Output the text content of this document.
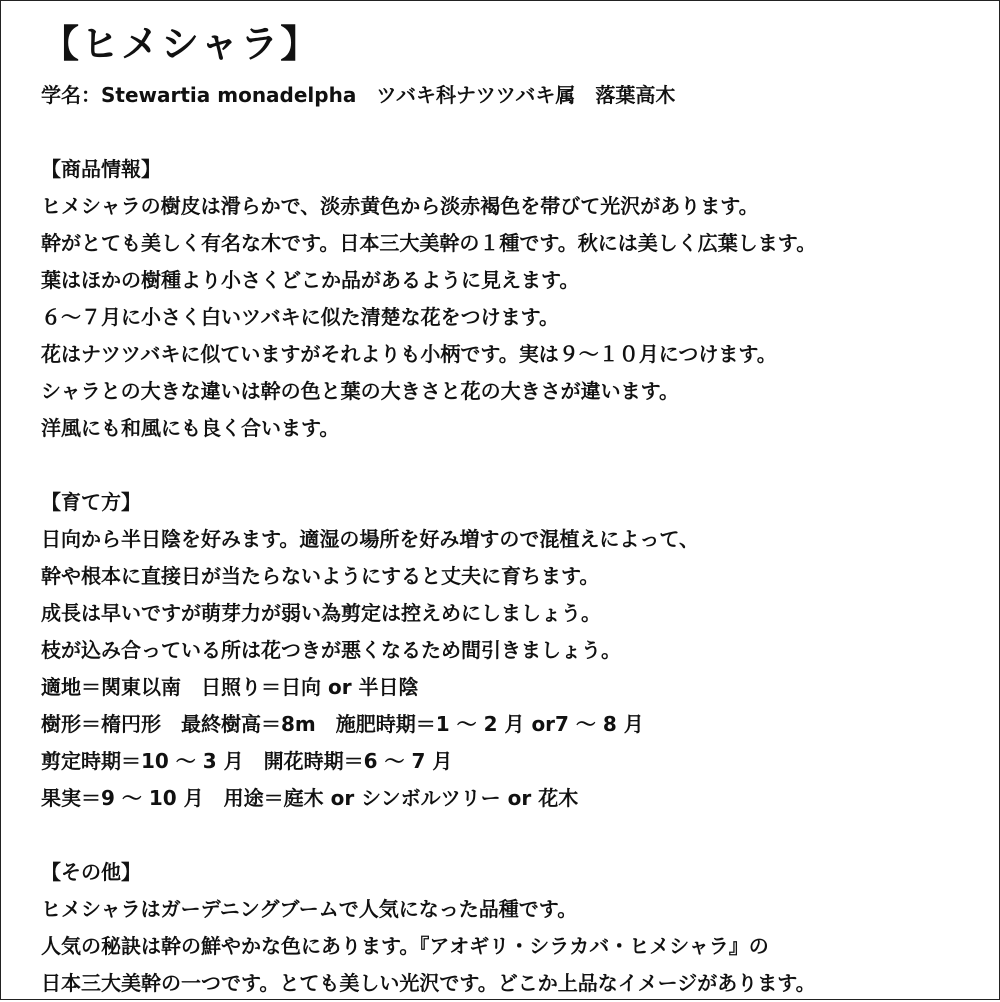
【ヒメシャラ】
学名：Stewartia monadelpha　ツバキ科ナツツバキ属　落葉高木
【商品情報】
ヒメシャラの樹皮は滑らかで、淡赤黄色から淡赤褐色を帯びて光沢があります。
幹がとても美しく有名な木です。日本三大美幹の１種です。秋には美しく広葉します。
葉はほかの樹種より小さくどこか品があるように見えます。
６～７月に小さく白いツバキに似た清楚な花をつけます。
花はナツツバキに似ていますがそれよりも小柄です。実は９～１０月につけます。
シャラとの大きな違いは幹の色と葉の大きさと花の大きさが違います。
洋風にも和風にも良く合います。
【育て方】
日向から半日陰を好みます。適湿の場所を好み増すので混植えによって、
幹や根本に直接日が当たらないようにすると丈夫に育ちます。
成長は早いですが萌芽力が弱い為剪定は控えめにしましょう。
枝が込み合っている所は花つきが悪くなるため間引きましょう。
適地＝関東以南　日照り＝日向 or 半日陰
樹形＝楕円形　最終樹高＝8m　施肥時期＝1 ～ 2 月 or7 ～ 8 月
剪定時期＝10 ～ 3 月　開花時期＝6 ～ 7 月
果実＝9 ～ 10 月　用途＝庭木 or シンボルツリー or 花木
【その他】
ヒメシャラはガーデニングブームで人気になった品種です。
人気の秘訣は幹の鮮やかな色にあります。『アオギリ・シラカバ・ヒメシャラ』の
日本三大美幹の一つです。とても美しい光沢です。どこか上品なイメージがあります。
